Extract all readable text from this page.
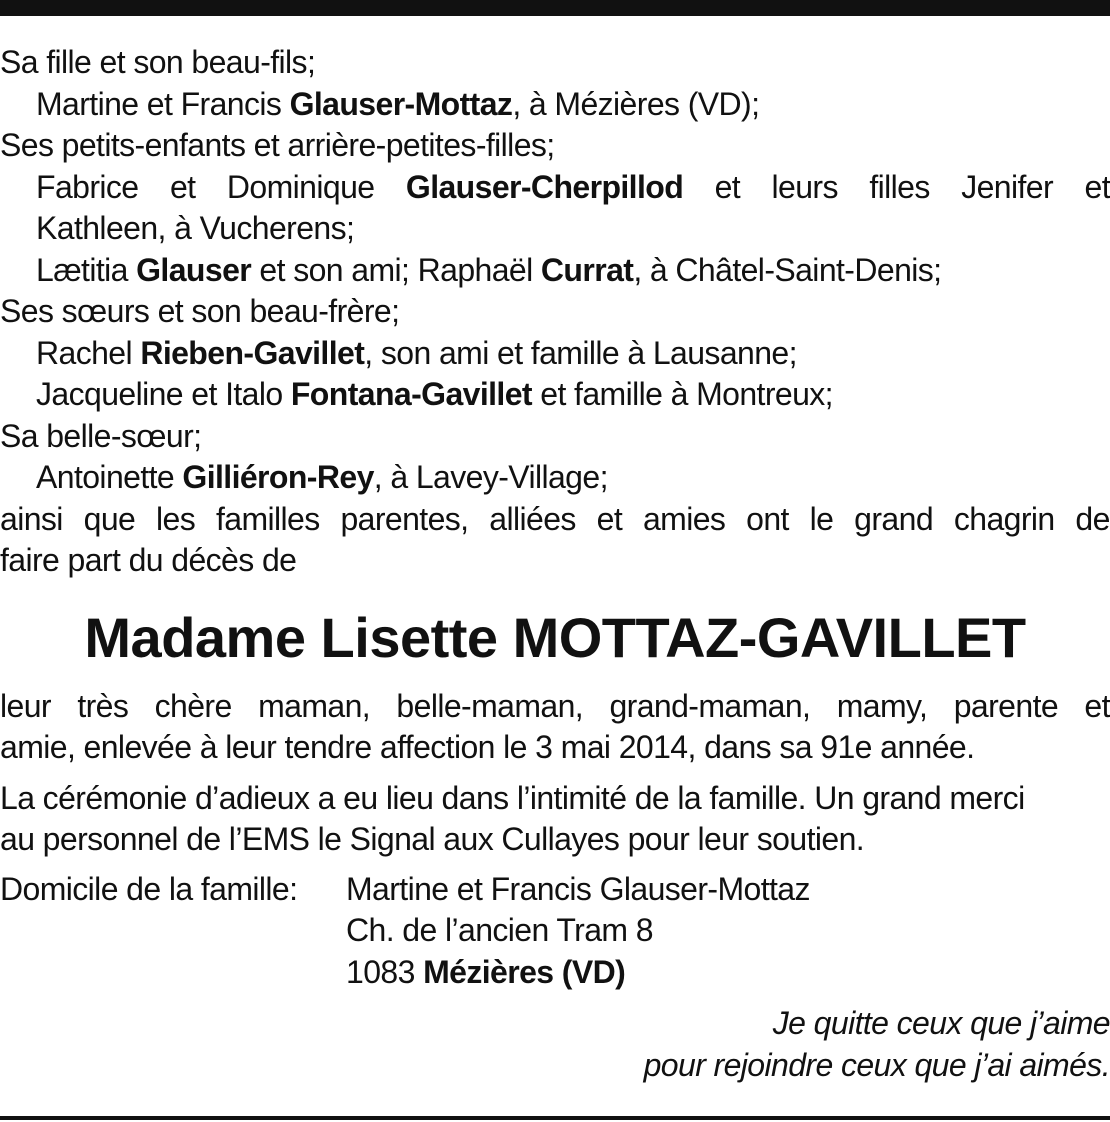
Sa fille et son beau-fils;
Martine et Francis Glauser-Mottaz, à Mézières (VD);
Ses petits-enfants et arrière-petites-filles;
Fabrice et Dominique Glauser-Cherpillod et leurs filles Jenifer et
Kathleen, à Vucherens;
Lætitia Glauser et son ami; Raphaël Currat, à Châtel-Saint-Denis;
Ses sœurs et son beau-frère;
Rachel Rieben-Gavillet, son ami et famille à Lausanne;
Jacqueline et Italo Fontana-Gavillet et famille à Montreux;
Sa belle-sœur;
Antoinette Gilliéron-Rey, à Lavey-Village;
ainsi que les familles parentes, alliées et amies ont le grand chagrin de
faire part du décès de
Madame Lisette MOTTAZ-GAVILLET
leur très chère maman, belle-maman, grand-maman, mamy, parente et
amie, enlevée à leur tendre affection le 3 mai 2014, dans sa 91e année.
La cérémonie d’adieux a eu lieu dans l’intimité de la famille. Un grand merci
au personnel de l’EMS le Signal aux Cullayes pour leur soutien.
Domicile de la famille:	Martine et Francis Glauser-Mottaz
Ch. de l’ancien Tram 8
1083 Mézières (VD)
Je quitte ceux que j’aime
pour rejoindre ceux que j’ai aimés.
